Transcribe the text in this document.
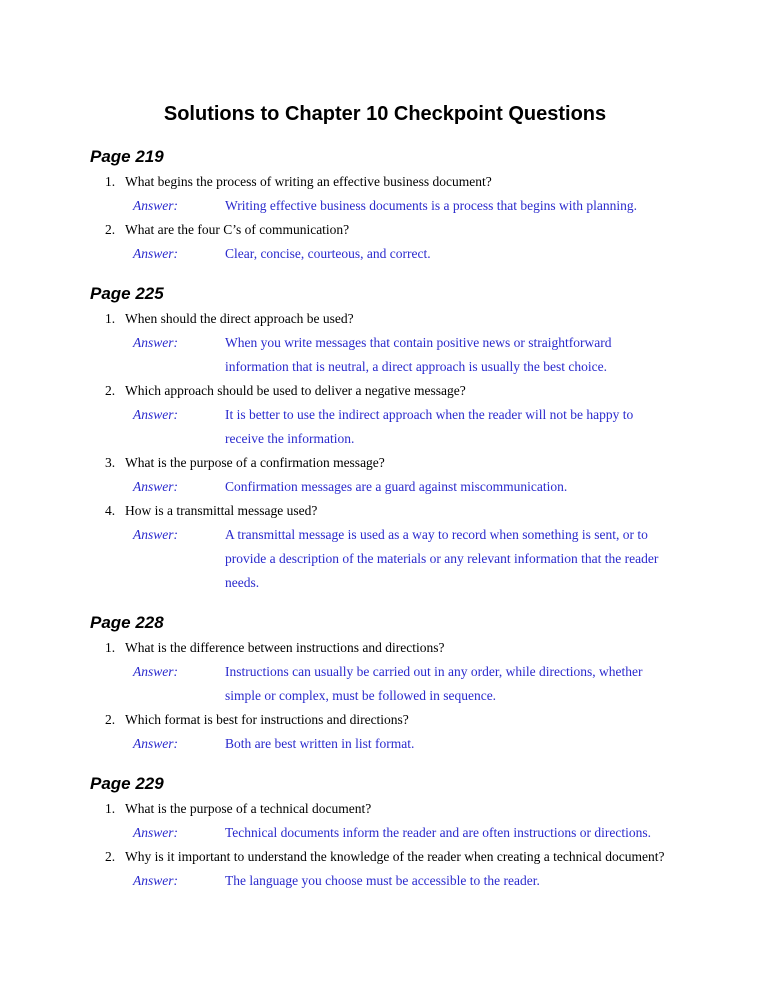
Solutions to Chapter 10 Checkpoint Questions
Page 219
1. What begins the process of writing an effective business document?
Answer:	Writing effective business documents is a process that begins with planning.
2. What are the four C’s of communication?
Answer:	Clear, concise, courteous, and correct.
Page 225
1. When should the direct approach be used?
Answer:	When you write messages that contain positive news or straightforward
information that is neutral, a direct approach is usually the best choice.
2. Which approach should be used to deliver a negative message?
Answer:	It is better to use the indirect approach when the reader will not be happy to
receive the information.
3. What is the purpose of a confirmation message?
Answer:	Confirmation messages are a guard against miscommunication.
4. How is a transmittal message used?
Answer:	A transmittal message is used as a way to record when something is sent, or to
provide a description of the materials or any relevant information that the reader
needs.
Page 228
1. What is the difference between instructions and directions?
Answer:	Instructions can usually be carried out in any order, while directions, whether
simple or complex, must be followed in sequence.
2. Which format is best for instructions and directions?
Answer:	Both are best written in list format.
Page 229
1. What is the purpose of a technical document?
Answer:	Technical documents inform the reader and are often instructions or directions.
2. Why is it important to understand the knowledge of the reader when creating a technical document?
Answer:	The language you choose must be accessible to the reader.
